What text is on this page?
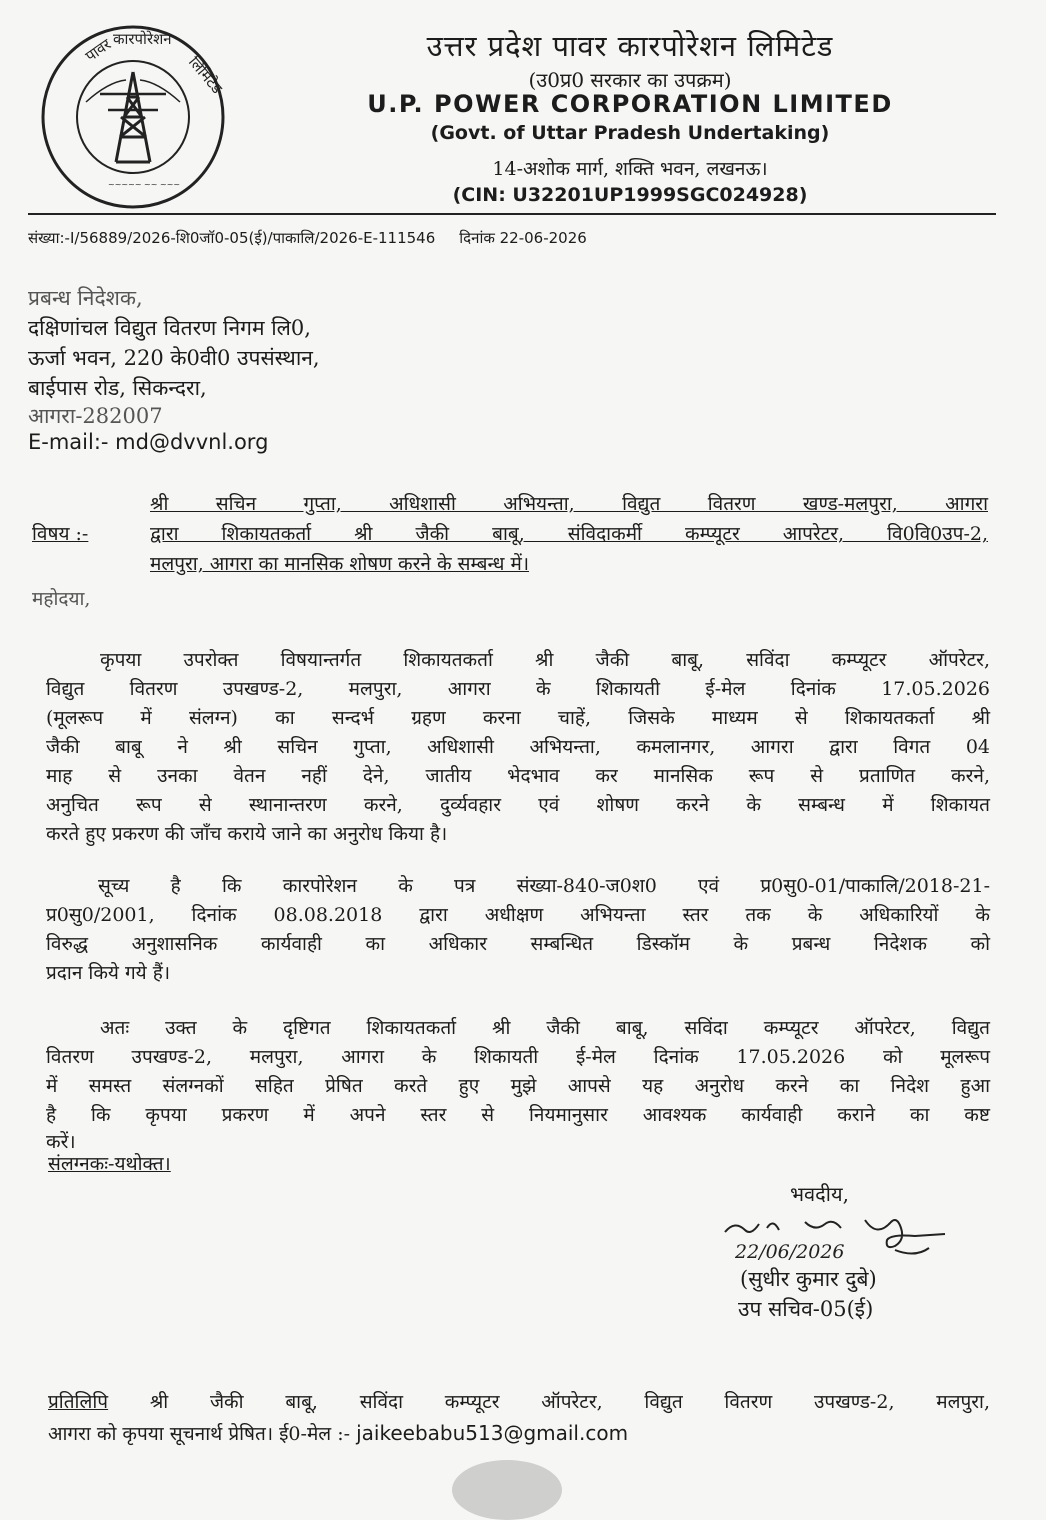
पावर
कारपोरेशन
लिमिटेड
~~~~~ ~~ ~~~
उत्तर प्रदेश पावर कारपोरेशन लिमिटेड
(उ0प्र0 सरकार का उपक्रम)
U.P. POWER CORPORATION LIMITED
(Govt. of Uttar Pradesh Undertaking)
14-अशोक मार्ग, शक्ति भवन, लखनऊ।
(CIN: U32201UP1999SGC024928)
संख्या:-I/56889/2026-शि0जॉ0-05(ई)/पाकालि/2026-E-111546 दिनांक 22-06-2026
प्रबन्ध निदेशक,
दक्षिणांचल विद्युत वितरण निगम लि0,
ऊर्जा भवन, 220 के0वी0 उपसंस्थान,
बाईपास रोड, सिकन्दरा,
आगरा-282007
E-mail:- md@dvvnl.org
विषय :-
श्री सचिन गुप्ता, अधिशासी अभियन्ता, विद्युत वितरण खण्ड-मलपुरा, आगरा
द्वारा शिकायतकर्ता श्री जैकी बाबू, संविदाकर्मी कम्प्यूटर आपरेटर, वि0वि0उप-2,
मलपुरा, आगरा का मानसिक शोषण करने के सम्बन्ध में।
महोदया,
कृपया उपरोक्त विषयान्तर्गत शिकायतकर्ता श्री जैकी बाबू, सविंदा कम्प्यूटर ऑपरेटर,
विद्युत वितरण उपखण्ड-2, मलपुरा, आगरा के शिकायती ई-मेल दिनांक 17.05.2026
(मूलरूप में संलग्न) का सन्दर्भ ग्रहण करना चाहें, जिसके माध्यम से शिकायतकर्ता श्री
जैकी बाबू ने श्री सचिन गुप्ता, अधिशासी अभियन्ता, कमलानगर, आगरा द्वारा विगत 04
माह से उनका वेतन नहीं देने, जातीय भेदभाव कर मानसिक रूप से प्रताणित करने,
अनुचित रूप से स्थानान्तरण करने, दुर्व्यवहार एवं शोषण करने के सम्बन्ध में शिकायत
करते हुए प्रकरण की जाँच कराये जाने का अनुरोध किया है।
सूच्य है कि कारपोरेशन के पत्र संख्या-840-ज0श0 एवं प्र0सु0-01/पाकालि/2018-21-
प्र0सु0/2001, दिनांक 08.08.2018 द्वारा अधीक्षण अभियन्ता स्तर तक के अधिकारियों के
विरुद्ध अनुशासनिक कार्यवाही का अधिकार सम्बन्धित डिस्कॉम के प्रबन्ध निदेशक को
प्रदान किये गये हैं।
अतः उक्त के दृष्टिगत शिकायतकर्ता श्री जैकी बाबू, सविंदा कम्प्यूटर ऑपरेटर, विद्युत
वितरण उपखण्ड-2, मलपुरा, आगरा के शिकायती ई-मेल दिनांक 17.05.2026 को मूलरूप
में समस्त संलग्नकों सहित प्रेषित करते हुए मुझे आपसे यह अनुरोध करने का निदेश हुआ
है कि कृपया प्रकरण में अपने स्तर से नियमानुसार आवश्यक कार्यवाही कराने का कष्ट
करें।
संलग्नकः-यथोक्त।
भवदीय,
22/06/2026
(सुधीर कुमार दुबे)
उप सचिव-05(ई)
प्रतिलिपि श्री जैकी बाबू, सविंदा कम्प्यूटर ऑपरेटर, विद्युत वितरण उपखण्ड-2, मलपुरा,
आगरा को कृपया सूचनार्थ प्रेषित। ई0-मेल :- jaikeebabu513@gmail.com
